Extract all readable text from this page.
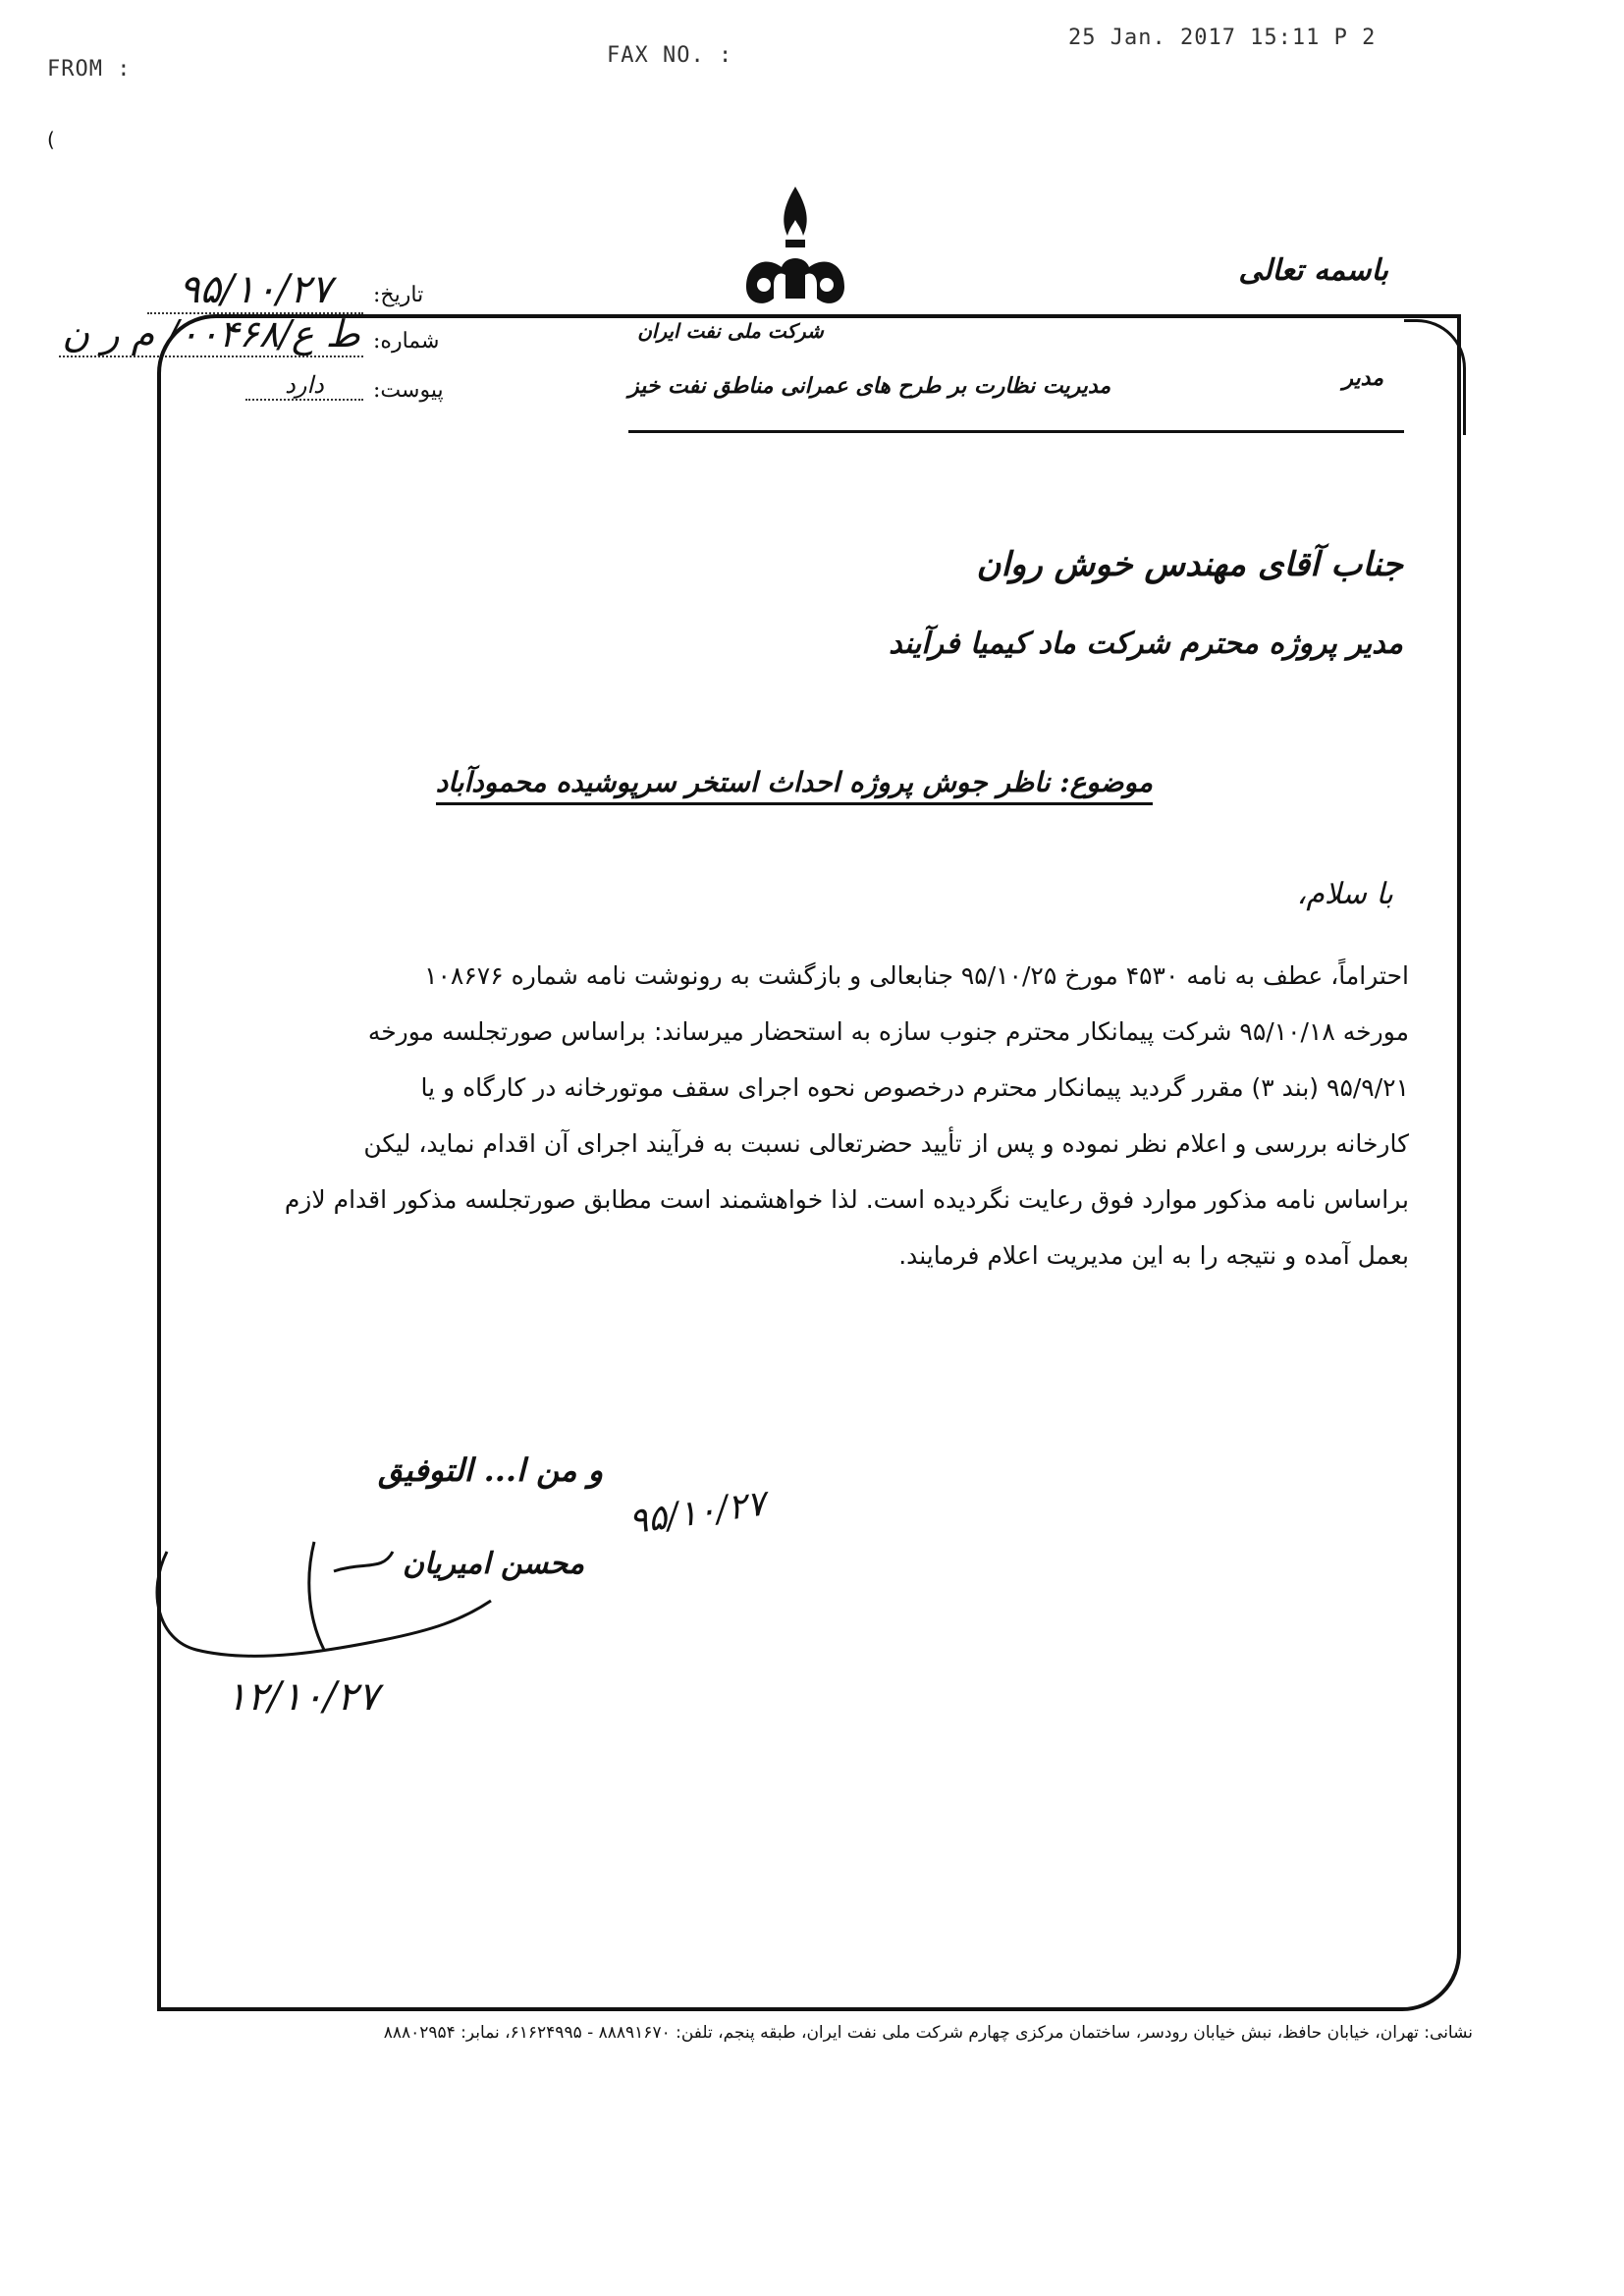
FROM :
FAX NO. :
25 Jan. 2017 15:11 P 2
(
باسمه تعالی
مدیر
شرکت ملی نفت ایران
مدیریت نظارت بر طرح های عمرانی مناطق نفت خیز
تاریخ:
۹۵/۱۰/۲۷
شماره:
ط ع/۰۰۴۶۸/ م ر ن
پیوست:
دارد
جناب آقای مهندس خوش روان
مدیر پروژه محترم شرکت ماد کیمیا فرآیند
موضوع: ناظر جوش پروژه احداث استخر سرپوشیده محمودآباد
با سلام،
احتراماً، عطف به نامه ۴۵۳۰ مورخ ۹۵/۱۰/۲۵ جنابعالی و بازگشت به رونوشت نامه شماره ۱۰۸۶۷۶
مورخه ۹۵/۱۰/۱۸ شرکت پیمانکار محترم جنوب سازه به استحضار میرساند: براساس صورتجلسه مورخه
۹۵/۹/۲۱ (بند ۳) مقرر گردید پیمانکار محترم درخصوص نحوه اجرای سقف موتورخانه در کارگاه و یا
کارخانه بررسی و اعلام نظر نموده و پس از تأیید حضرتعالی نسبت به فرآیند اجرای آن اقدام نماید، لیکن
براساس نامه مذکور موارد فوق رعایت نگردیده است. لذا خواهشمند است مطابق صورتجلسه مذکور اقدام لازم
بعمل آمده و نتیجه را به این مدیریت اعلام فرمایند.
و من ا... التوفیق
۹۵/۱۰/۲۷
محسن امیریان
۱۲/۱۰/۲۷
نشانی: تهران، خیابان حافظ، نبش خیابان رودسر، ساختمان مرکزی چهارم شرکت ملی نفت ایران، طبقه پنجم، تلفن: ۸۸۸۹۱۶۷۰ - ۶۱۶۲۴۹۹۵، نمابر: ۸۸۸۰۲۹۵۴
